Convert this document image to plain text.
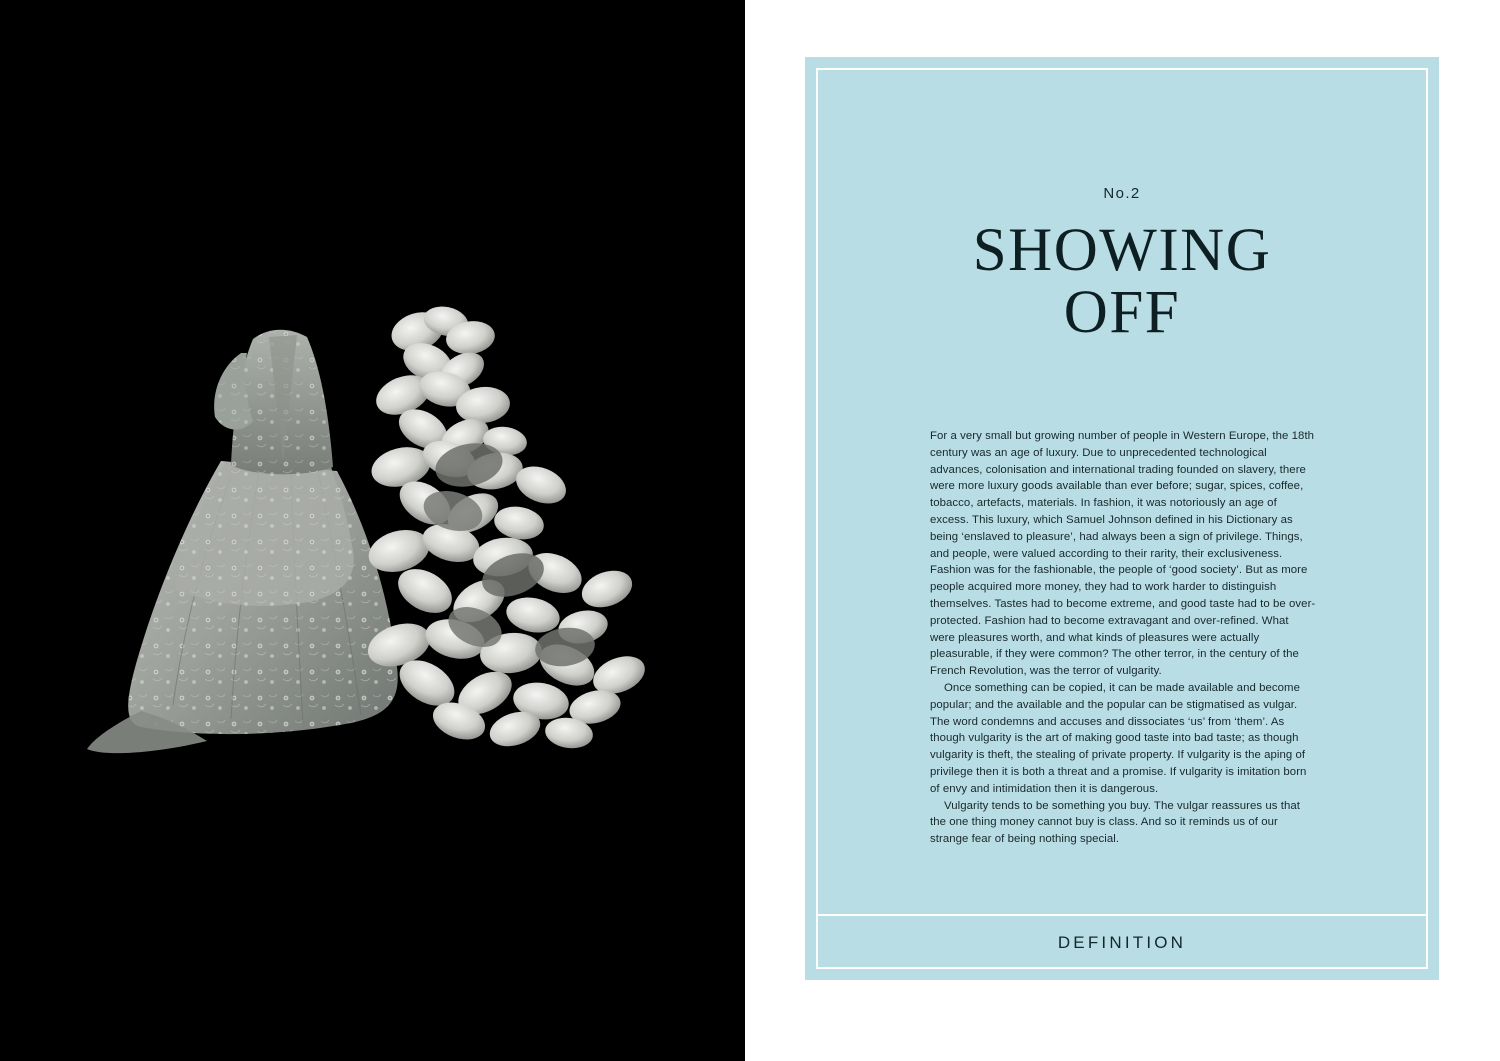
No.2
SHOWING
OFF

For a very small but growing number of people in Western Europe, the 18th century was an age of luxury. Due to unprecedented technological advances, colonisation and international trading founded on slavery, there were more luxury goods available than ever before; sugar, spices, coffee, tobacco, artefacts, materials. In fashion, it was notoriously an age of excess. This luxury, which Samuel Johnson defined in his Dictionary as being ‘enslaved to pleasure’, had always been a sign of privilege. Things, and people, were valued according to their rarity, their exclusiveness. Fashion was for the fashionable, the people of ‘good society’. But as more people acquired more money, they had to work harder to distinguish themselves. Tastes had to become extreme, and good taste had to be over-protected. Fashion had to become extravagant and over-refined. What were pleasures worth, and what kinds of pleasures were actually pleasurable, if they were common? The other terror, in the century of the French Revolution, was the terror of vulgarity.

Once something can be copied, it can be made available and become popular; and the available and the popular can be stigmatised as vulgar. The word condemns and accuses and dissociates ‘us’ from ‘them’. As though vulgarity is the art of making good taste into bad taste; as though vulgarity is theft, the stealing of private property. If vulgarity is the aping of privilege then it is both a threat and a promise. If vulgarity is imitation born of envy and intimidation then it is dangerous.

Vulgarity tends to be something you buy. The vulgar reassures us that the one thing money cannot buy is class. And so it reminds us of our strange fear of being nothing special.

DEFINITION
